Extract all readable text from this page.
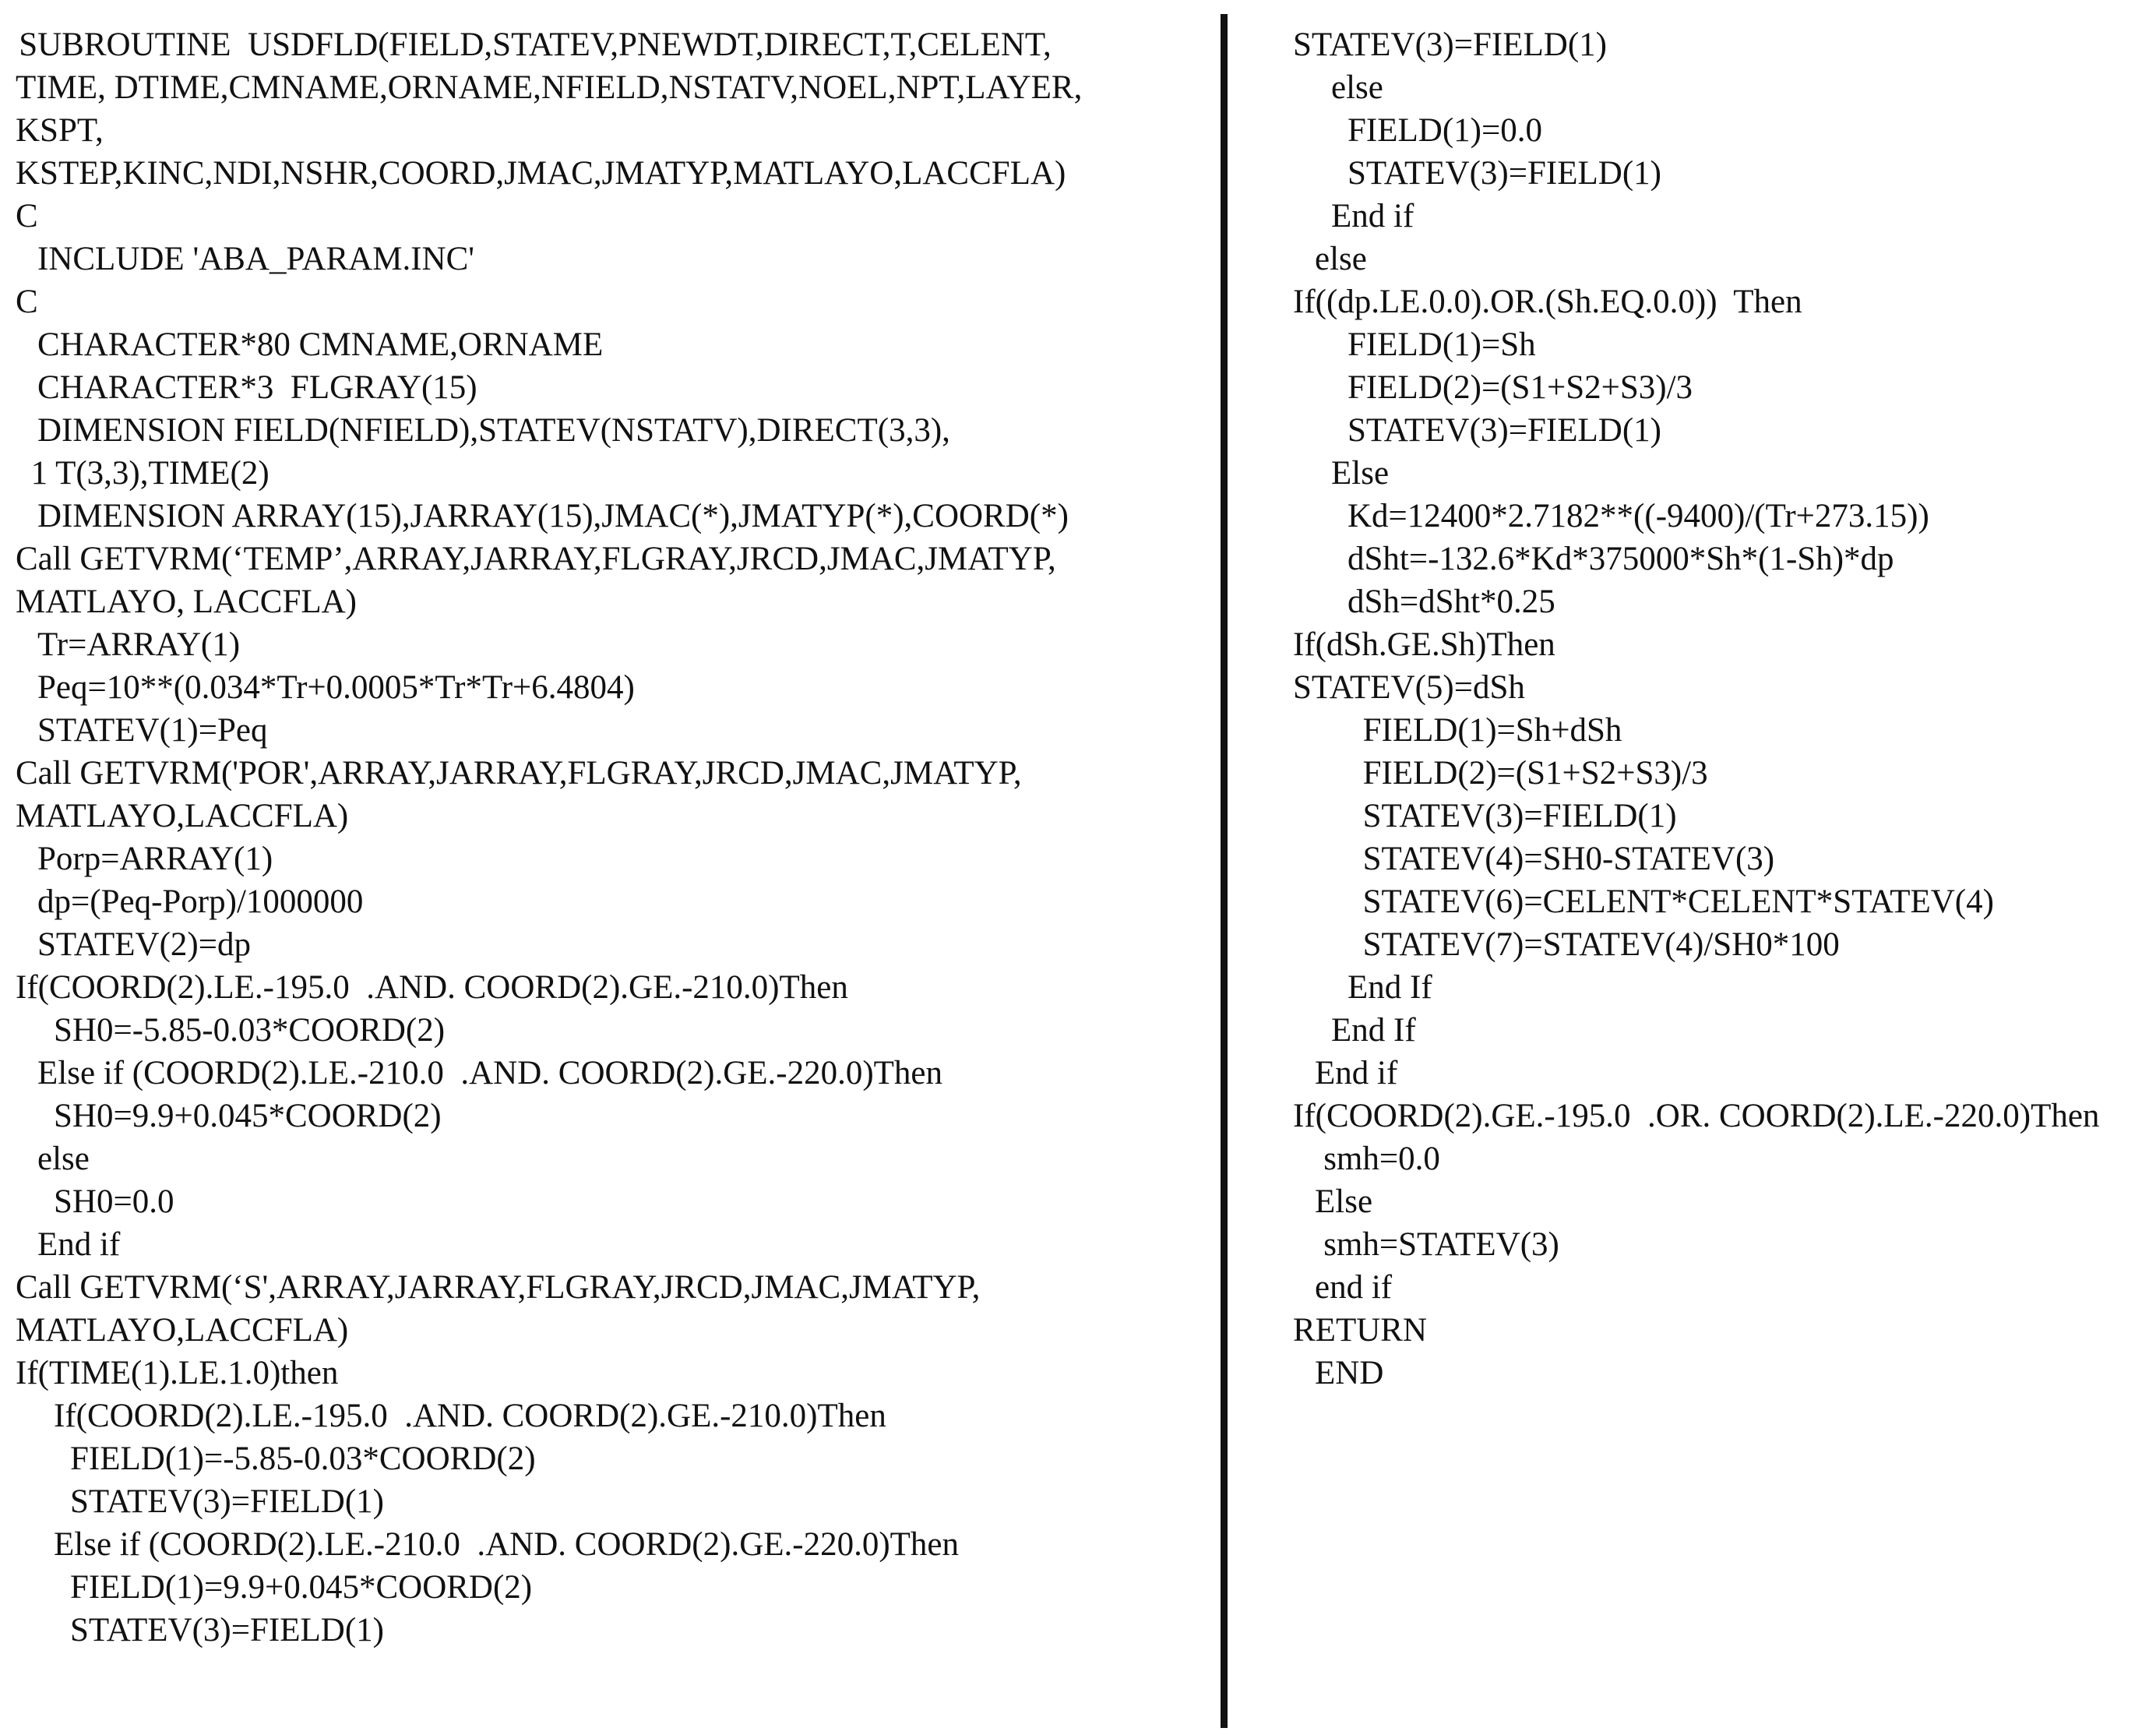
SUBROUTINE  USDFLD(FIELD,STATEV,PNEWDT,DIRECT,T,CELENT,
TIME, DTIME,CMNAME,ORNAME,NFIELD,NSTATV,NOEL,NPT,LAYER,
KSPT,
KSTEP,KINC,NDI,NSHR,COORD,JMAC,JMATYP,MATLAYO,LACCFLA)
C
INCLUDE 'ABA_PARAM.INC'
C
CHARACTER*80 CMNAME,ORNAME
CHARACTER*3  FLGRAY(15)
DIMENSION FIELD(NFIELD),STATEV(NSTATV),DIRECT(3,3),
1 T(3,3),TIME(2)
DIMENSION ARRAY(15),JARRAY(15),JMAC(*),JMATYP(*),COORD(*)
Call GETVRM(‘TEMP’,ARRAY,JARRAY,FLGRAY,JRCD,JMAC,JMATYP,
MATLAYO, LACCFLA)
Tr=ARRAY(1)
Peq=10**(0.034*Tr+0.0005*Tr*Tr+6.4804)
STATEV(1)=Peq
Call GETVRM('POR',ARRAY,JARRAY,FLGRAY,JRCD,JMAC,JMATYP,
MATLAYO,LACCFLA)
Porp=ARRAY(1)
dp=(Peq-Porp)/1000000
STATEV(2)=dp
If(COORD(2).LE.-195.0  .AND. COORD(2).GE.-210.0)Then
SH0=-5.85-0.03*COORD(2)
Else if (COORD(2).LE.-210.0  .AND. COORD(2).GE.-220.0)Then
SH0=9.9+0.045*COORD(2)
else
SH0=0.0
End if
Call GETVRM(‘S',ARRAY,JARRAY,FLGRAY,JRCD,JMAC,JMATYP,
MATLAYO,LACCFLA)
If(TIME(1).LE.1.0)then
If(COORD(2).LE.-195.0  .AND. COORD(2).GE.-210.0)Then
FIELD(1)=-5.85-0.03*COORD(2)
STATEV(3)=FIELD(1)
Else if (COORD(2).LE.-210.0  .AND. COORD(2).GE.-220.0)Then
FIELD(1)=9.9+0.045*COORD(2)
STATEV(3)=FIELD(1)
STATEV(3)=FIELD(1)
else
FIELD(1)=0.0
STATEV(3)=FIELD(1)
End if
else
If((dp.LE.0.0).OR.(Sh.EQ.0.0))  Then
FIELD(1)=Sh
FIELD(2)=(S1+S2+S3)/3
STATEV(3)=FIELD(1)
Else
Kd=12400*2.7182**((-9400)/(Tr+273.15))
dSht=-132.6*Kd*375000*Sh*(1-Sh)*dp
dSh=dSht*0.25
If(dSh.GE.Sh)Then
STATEV(5)=dSh
FIELD(1)=Sh+dSh
FIELD(2)=(S1+S2+S3)/3
STATEV(3)=FIELD(1)
STATEV(4)=SH0-STATEV(3)
STATEV(6)=CELENT*CELENT*STATEV(4)
STATEV(7)=STATEV(4)/SH0*100
End If
End If
End if
If(COORD(2).GE.-195.0  .OR. COORD(2).LE.-220.0)Then
smh=0.0
Else
smh=STATEV(3)
end if
RETURN
END
